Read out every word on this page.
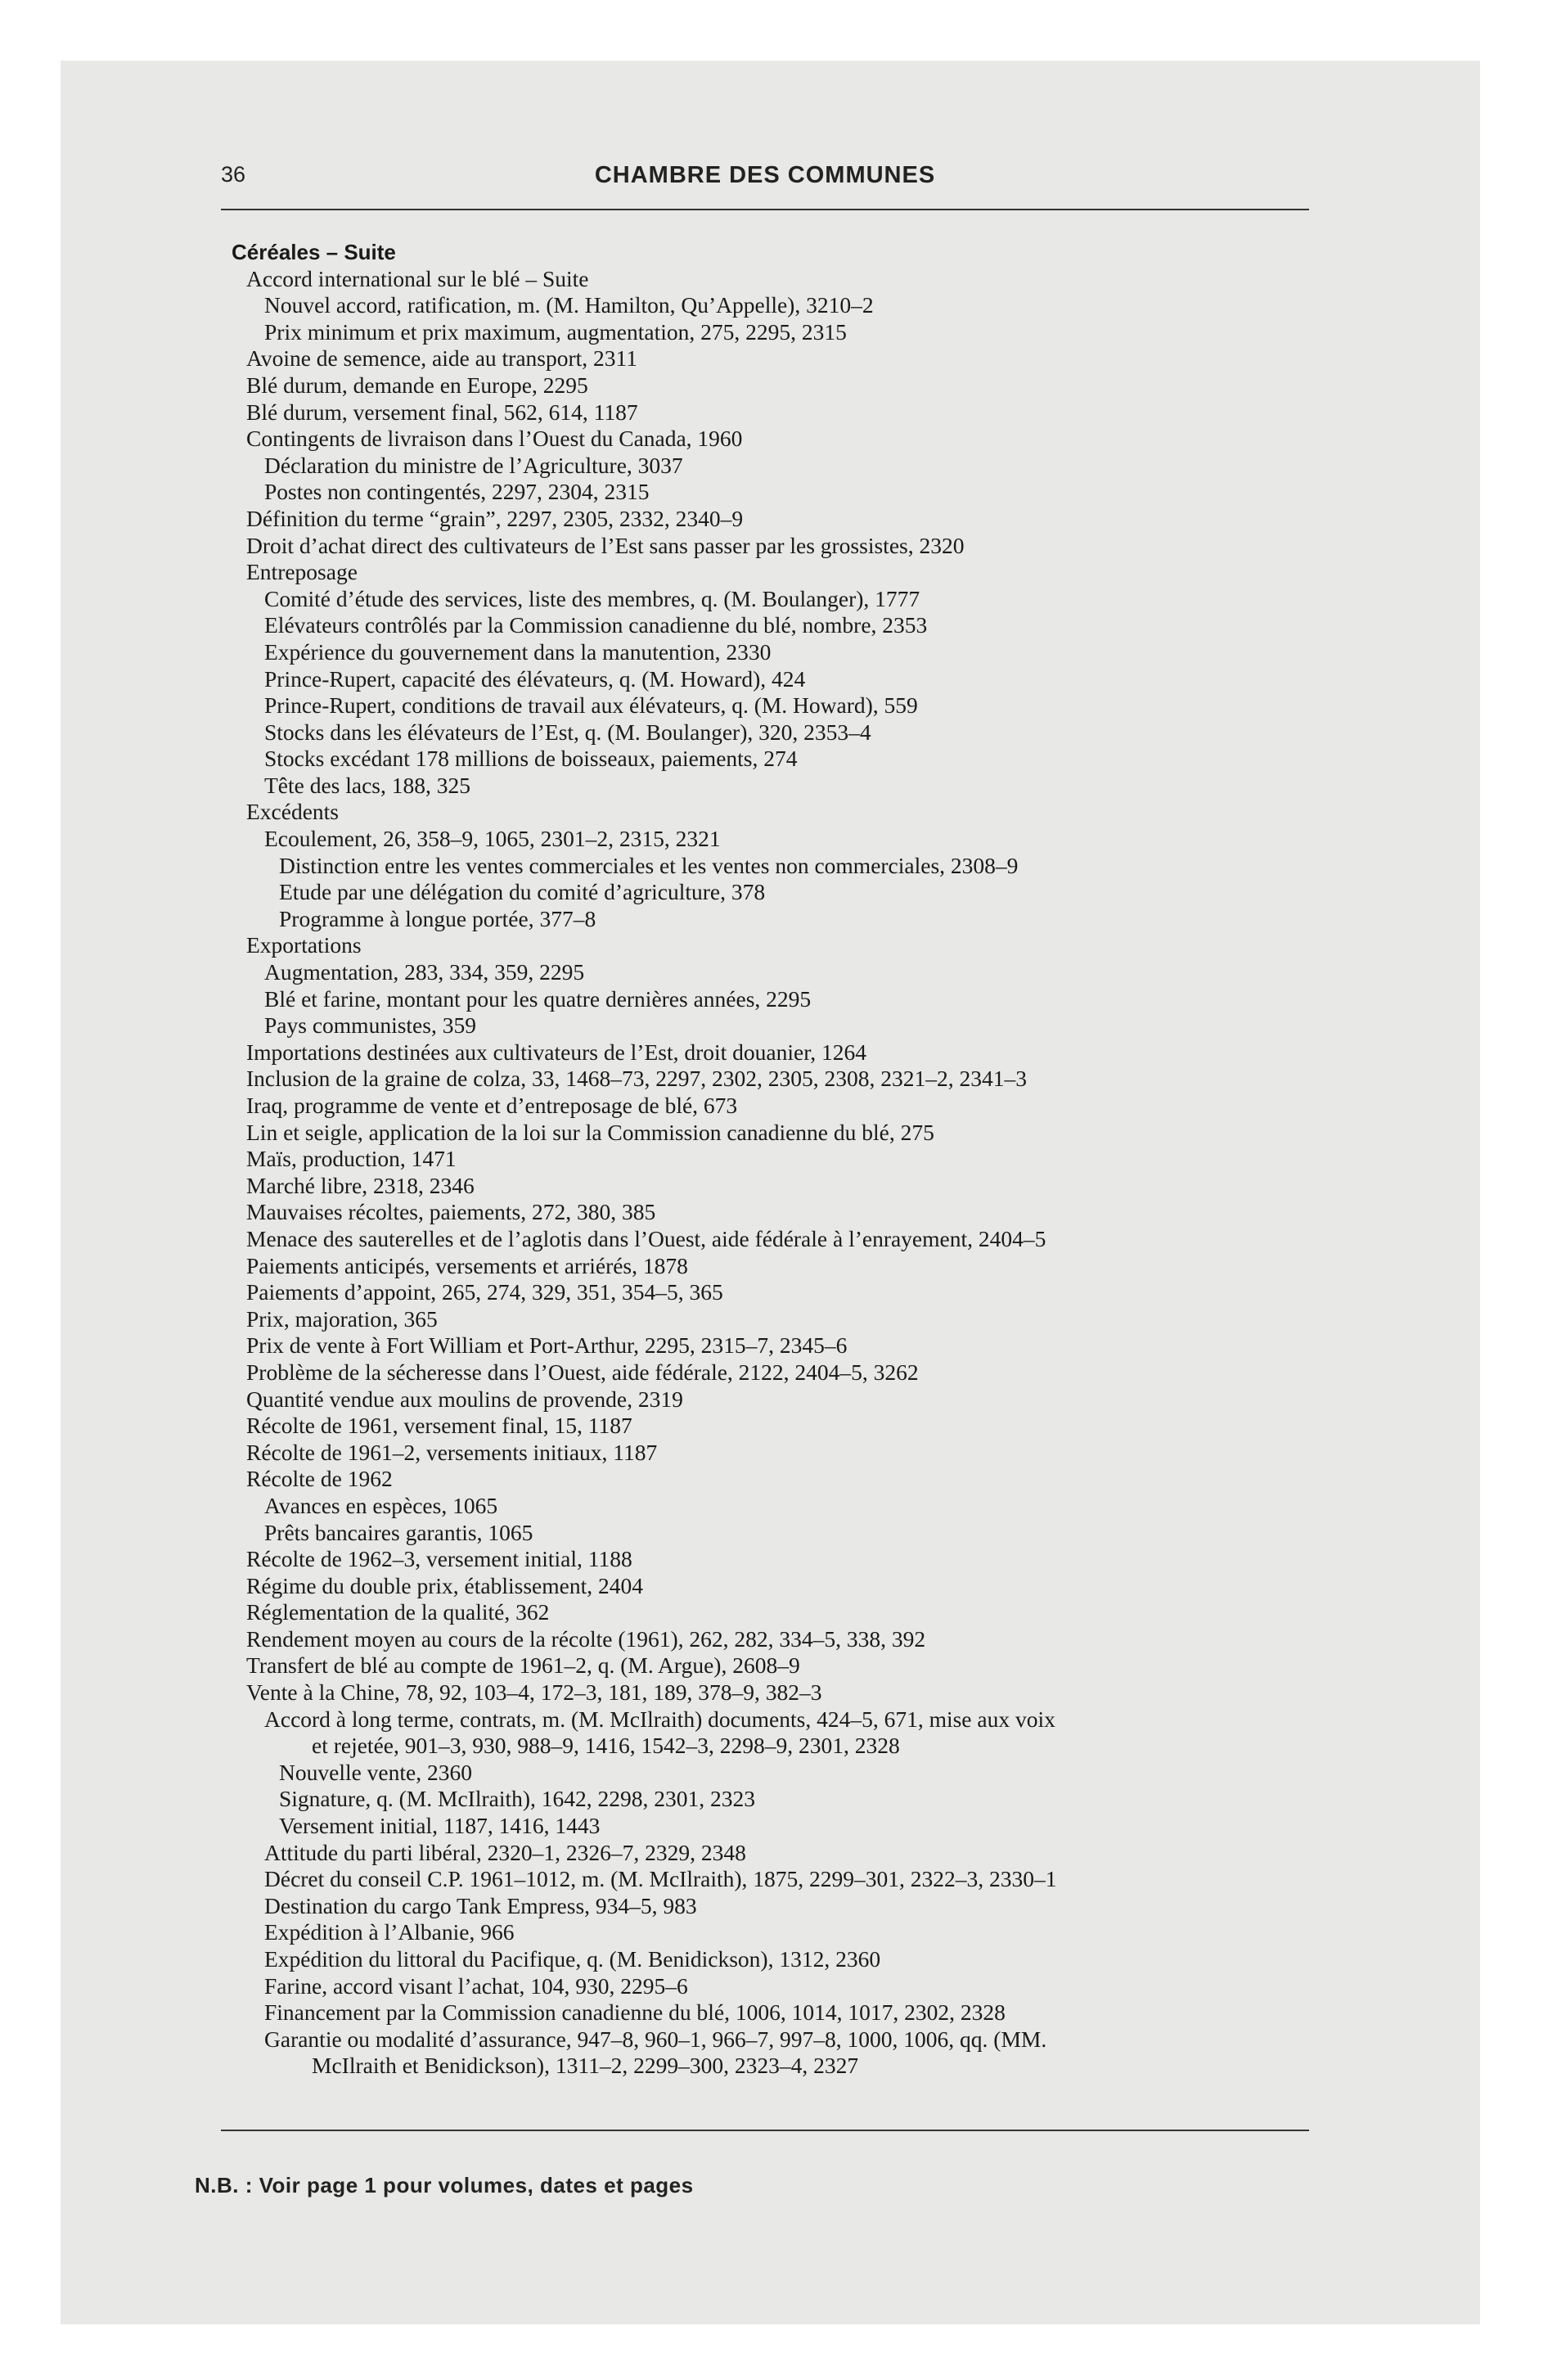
36	CHAMBRE DES COMMUNES
Céréales – Suite
Accord international sur le blé – Suite
Nouvel accord, ratification, m. (M. Hamilton, Qu’Appelle), 3210–2
Prix minimum et prix maximum, augmentation, 275, 2295, 2315
Avoine de semence, aide au transport, 2311
Blé durum, demande en Europe, 2295
Blé durum, versement final, 562, 614, 1187
Contingents de livraison dans l’Ouest du Canada, 1960
Déclaration du ministre de l’Agriculture, 3037
Postes non contingentés, 2297, 2304, 2315
Définition du terme “grain”, 2297, 2305, 2332, 2340–9
Droit d’achat direct des cultivateurs de l’Est sans passer par les grossistes, 2320
Entreposage
Comité d’étude des services, liste des membres, q. (M. Boulanger), 1777
Elévateurs contrôlés par la Commission canadienne du blé, nombre, 2353
Expérience du gouvernement dans la manutention, 2330
Prince-Rupert, capacité des élévateurs, q. (M. Howard), 424
Prince-Rupert, conditions de travail aux élévateurs, q. (M. Howard), 559
Stocks dans les élévateurs de l’Est, q. (M. Boulanger), 320, 2353–4
Stocks excédant 178 millions de boisseaux, paiements, 274
Tête des lacs, 188, 325
Excédents
Ecoulement, 26, 358–9, 1065, 2301–2, 2315, 2321
Distinction entre les ventes commerciales et les ventes non commerciales, 2308–9
Etude par une délégation du comité d’agriculture, 378
Programme à longue portée, 377–8
Exportations
Augmentation, 283, 334, 359, 2295
Blé et farine, montant pour les quatre dernières années, 2295
Pays communistes, 359
Importations destinées aux cultivateurs de l’Est, droit douanier, 1264
Inclusion de la graine de colza, 33, 1468–73, 2297, 2302, 2305, 2308, 2321–2, 2341–3
Iraq, programme de vente et d’entreposage de blé, 673
Lin et seigle, application de la loi sur la Commission canadienne du blé, 275
Maïs, production, 1471
Marché libre, 2318, 2346
Mauvaises récoltes, paiements, 272, 380, 385
Menace des sauterelles et de l’aglotis dans l’Ouest, aide fédérale à l’enrayement, 2404–5
Paiements anticipés, versements et arriérés, 1878
Paiements d’appoint, 265, 274, 329, 351, 354–5, 365
Prix, majoration, 365
Prix de vente à Fort William et Port-Arthur, 2295, 2315–7, 2345–6
Problème de la sécheresse dans l’Ouest, aide fédérale, 2122, 2404–5, 3262
Quantité vendue aux moulins de provende, 2319
Récolte de 1961, versement final, 15, 1187
Récolte de 1961–2, versements initiaux, 1187
Récolte de 1962
Avances en espèces, 1065
Prêts bancaires garantis, 1065
Récolte de 1962–3, versement initial, 1188
Régime du double prix, établissement, 2404
Réglementation de la qualité, 362
Rendement moyen au cours de la récolte (1961), 262, 282, 334–5, 338, 392
Transfert de blé au compte de 1961–2, q. (M. Argue), 2608–9
Vente à la Chine, 78, 92, 103–4, 172–3, 181, 189, 378–9, 382–3
Accord à long terme, contrats, m. (M. McIlraith) documents, 424–5, 671, mise aux voix
et rejetée, 901–3, 930, 988–9, 1416, 1542–3, 2298–9, 2301, 2328
Nouvelle vente, 2360
Signature, q. (M. McIlraith), 1642, 2298, 2301, 2323
Versement initial, 1187, 1416, 1443
Attitude du parti libéral, 2320–1, 2326–7, 2329, 2348
Décret du conseil C.P. 1961–1012, m. (M. McIlraith), 1875, 2299–301, 2322–3, 2330–1
Destination du cargo Tank Empress, 934–5, 983
Expédition à l’Albanie, 966
Expédition du littoral du Pacifique, q. (M. Benidickson), 1312, 2360
Farine, accord visant l’achat, 104, 930, 2295–6
Financement par la Commission canadienne du blé, 1006, 1014, 1017, 2302, 2328
Garantie ou modalité d’assurance, 947–8, 960–1, 966–7, 997–8, 1000, 1006, qq. (MM.
McIlraith et Benidickson), 1311–2, 2299–300, 2323–4, 2327
N.B. : Voir page 1 pour volumes, dates et pages
